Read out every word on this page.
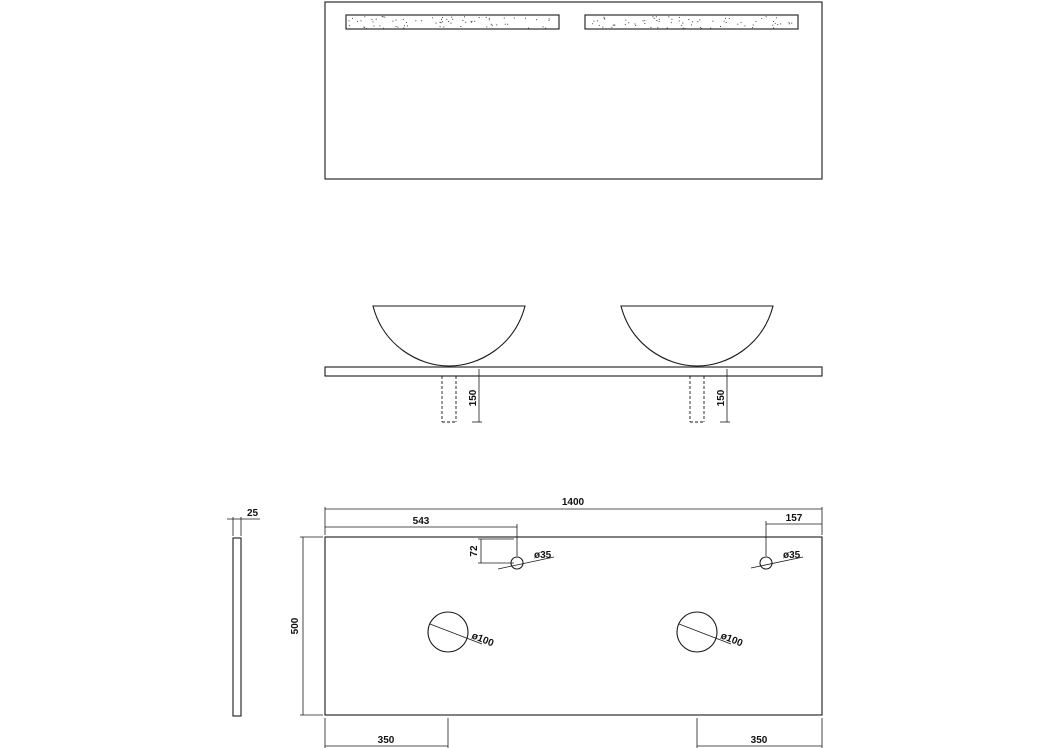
150	150
25
1400
543	157
72	ø35	ø35
ø100	ø100
500
350	350
